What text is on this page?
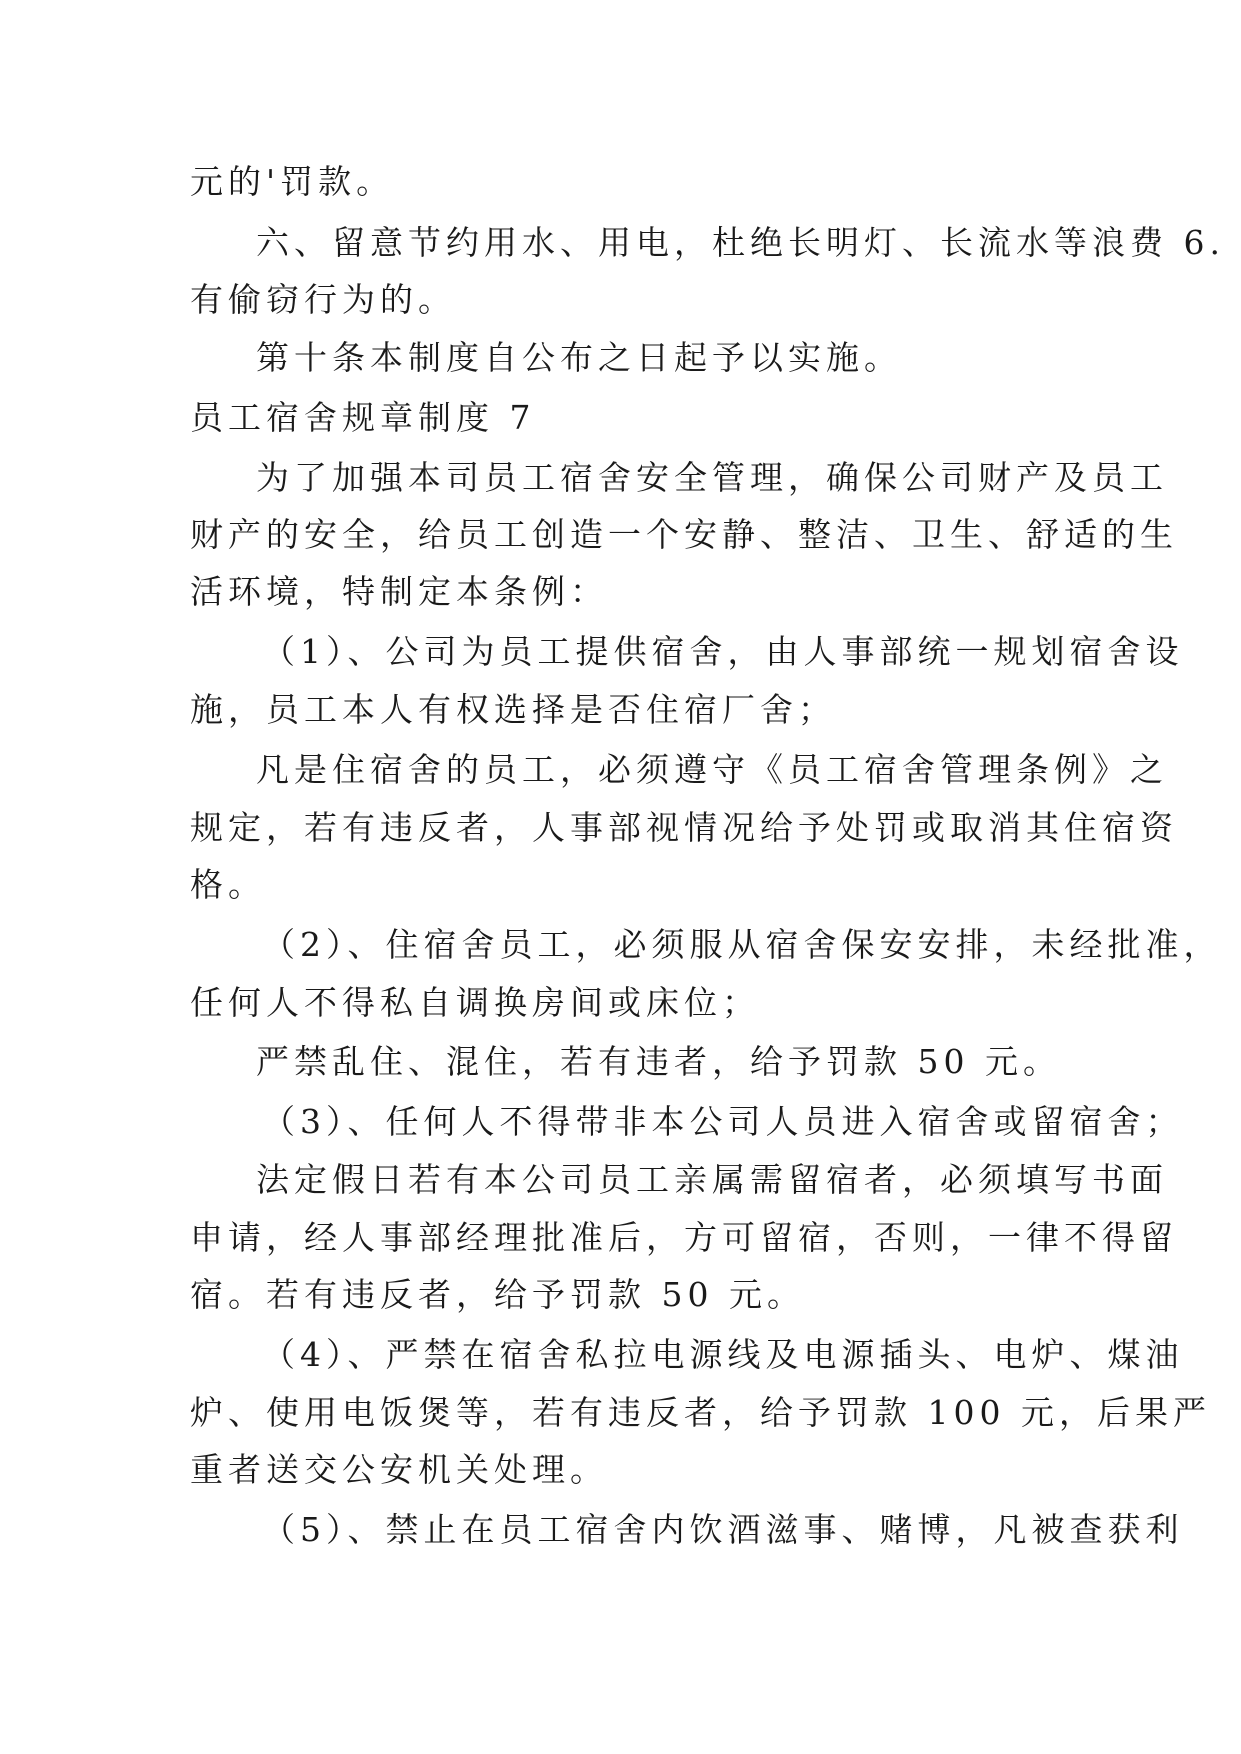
元的'罚款。
六、留意节约用水、用电，杜绝长明灯、长流水等浪费 6.
有偷窃行为的。
第十条本制度自公布之日起予以实施。
员工宿舍规章制度 7
为了加强本司员工宿舍安全管理，确保公司财产及员工
财产的安全，给员工创造一个安静、整洁、卫生、舒适的生
活环境，特制定本条例：
（1）、公司为员工提供宿舍，由人事部统一规划宿舍设
施，员工本人有权选择是否住宿厂舍；
凡是住宿舍的员工，必须遵守《员工宿舍管理条例》之
规定，若有违反者，人事部视情况给予处罚或取消其住宿资
格。
（2）、住宿舍员工，必须服从宿舍保安安排，未经批准，
任何人不得私自调换房间或床位；
严禁乱住、混住，若有违者，给予罚款 50 元。
（3）、任何人不得带非本公司人员进入宿舍或留宿舍；
法定假日若有本公司员工亲属需留宿者，必须填写书面
申请，经人事部经理批准后，方可留宿，否则，一律不得留
宿。若有违反者，给予罚款 50 元。
（4）、严禁在宿舍私拉电源线及电源插头、电炉、煤油
炉、使用电饭煲等，若有违反者，给予罚款 100 元，后果严
重者送交公安机关处理。
（5）、禁止在员工宿舍内饮酒滋事、赌博，凡被查获利
